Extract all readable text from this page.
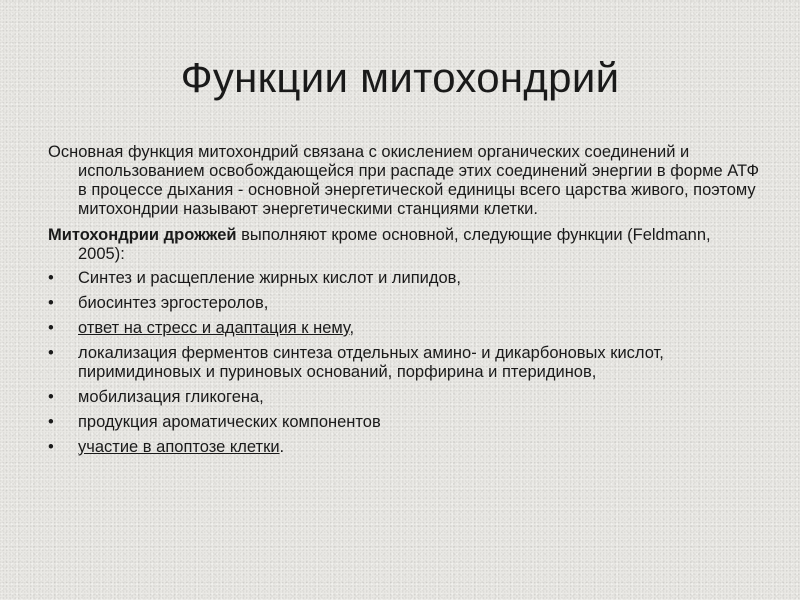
Функции митохондрий

Основная функция митохондрий связана с окислением органических соединений и использованием освобождающейся при распаде этих соединений энергии в форме АТФ в процессе дыхания - основной энергетической единицы всего царства живого, поэтому митохондрии называют энергетическими станциями клетки.

Митохондрии дрожжей выполняют кроме основной, следующие функции (Feldmann, 2005):

• Синтез и расщепление жирных кислот и липидов,
• биосинтез эргостеролов,
• ответ на стресс и адаптация к нему,
• локализация ферментов синтеза отдельных амино- и дикарбоновых кислот, пиримидиновых и пуриновых оснований, порфирина и птеридинов,
• мобилизация гликогена,
• продукция ароматических компонентов
• участие в апоптозе клетки.
